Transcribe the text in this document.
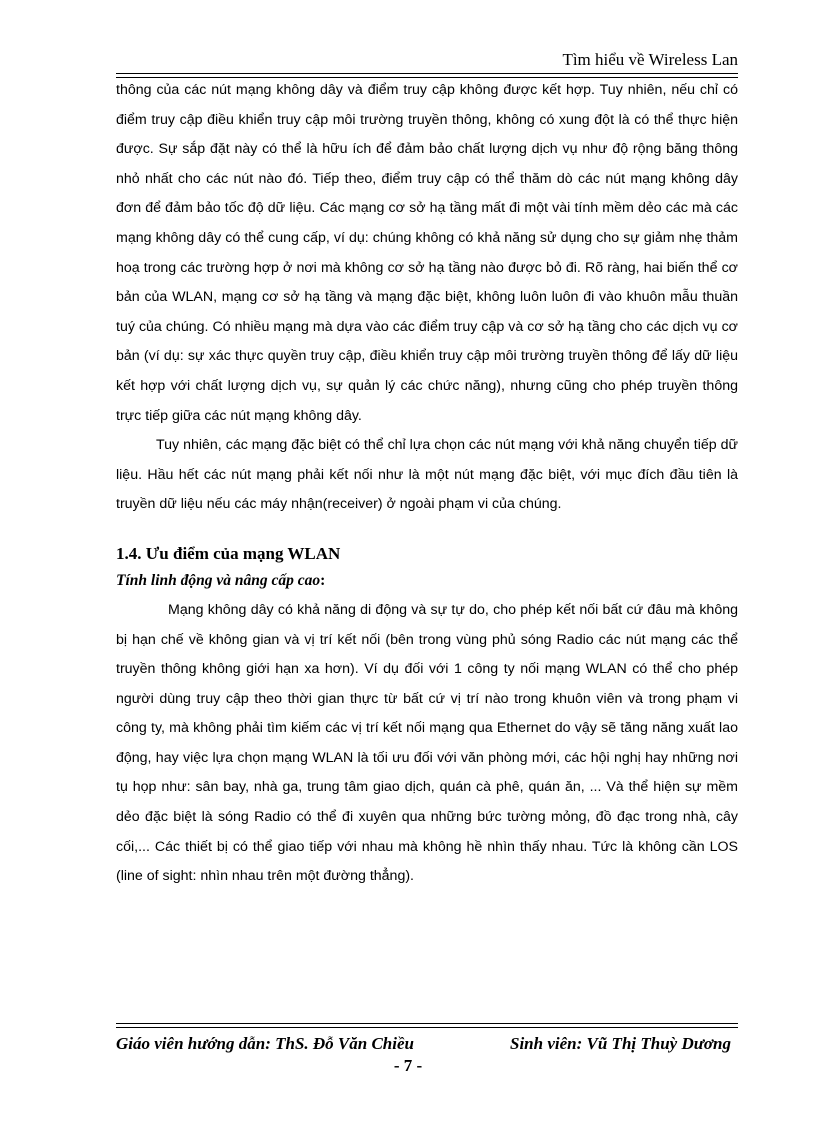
Tìm hiểu về Wireless Lan

thông của các nút mạng không dây và điểm truy cập không được kết hợp. Tuy nhiên, nếu chỉ có điểm truy cập điều khiển truy cập môi trường truyền thông, không có xung đột là có thể thực hiện được. Sự sắp đặt này có thể là hữu ích để đảm bảo chất lượng dịch vụ như độ rộng băng thông nhỏ nhất cho các nút nào đó. Tiếp theo, điểm truy cập có thể thăm dò các nút mạng không dây đơn để đảm bảo tốc độ dữ liệu. Các mạng cơ sở hạ tầng mất đi một vài tính mềm dẻo các mà các mạng không dây có thể cung cấp, ví dụ: chúng không có khả năng sử dụng cho sự giảm nhẹ thảm hoạ trong các trường hợp ở nơi mà không cơ sở hạ tầng nào được bỏ đi. Rõ ràng, hai biến thể cơ bản của WLAN, mạng cơ sở hạ tầng và mạng đặc biệt, không luôn luôn đi vào khuôn mẫu thuần tuý của chúng. Có nhiều mạng mà dựa vào các điểm truy cập và cơ sở hạ tầng cho các dịch vụ cơ bản (ví dụ: sự xác thực quyền truy cập, điều khiển truy cập môi trường truyền thông để lấy dữ liệu kết hợp với chất lượng dịch vụ, sự quản lý các chức năng), nhưng cũng cho phép truyền thông trực tiếp giữa các nút mạng không dây.

Tuy nhiên, các mạng đặc biệt có thể chỉ lựa chọn các nút mạng với khả năng chuyển tiếp dữ liệu. Hầu hết các nút mạng phải kết nối như là một nút mạng đặc biệt, với mục đích đầu tiên là truyền dữ liệu nếu các máy nhận(receiver) ở ngoài phạm vi của chúng.

1.4. Ưu điểm của mạng WLAN
Tính linh động và nâng cấp cao:

Mạng không dây có khả năng di động và sự tự do, cho phép kết nối bất cứ đâu mà không bị hạn chế về không gian và vị trí kết nối (bên trong vùng phủ sóng Radio các nút mạng các thể truyền thông không giới hạn xa hơn). Ví dụ đối với 1 công ty nối mạng WLAN có thể cho phép người dùng truy cập theo thời gian thực từ bất cứ vị trí nào trong khuôn viên và trong phạm vi công ty, mà không phải tìm kiếm các vị trí kết nối mạng qua Ethernet do vậy sẽ tăng năng xuất lao động, hay việc lựa chọn mạng WLAN là tối ưu đối với văn phòng mới, các hội nghị hay những nơi tụ họp như: sân bay, nhà ga, trung tâm giao dịch, quán cà phê, quán ăn, ... Và thể hiện sự mềm dẻo đặc biệt là sóng Radio có thể đi xuyên qua những bức tường mỏng, đồ đạc trong nhà, cây cối,... Các thiết bị có thể giao tiếp với nhau mà không hề nhìn thấy nhau. Tức là không cần LOS (line of sight: nhìn nhau trên một đường thẳng).

Giáo viên hướng dẫn: ThS. Đỗ Văn Chiều	Sinh viên: Vũ Thị Thuỳ Dương
- 7 -
